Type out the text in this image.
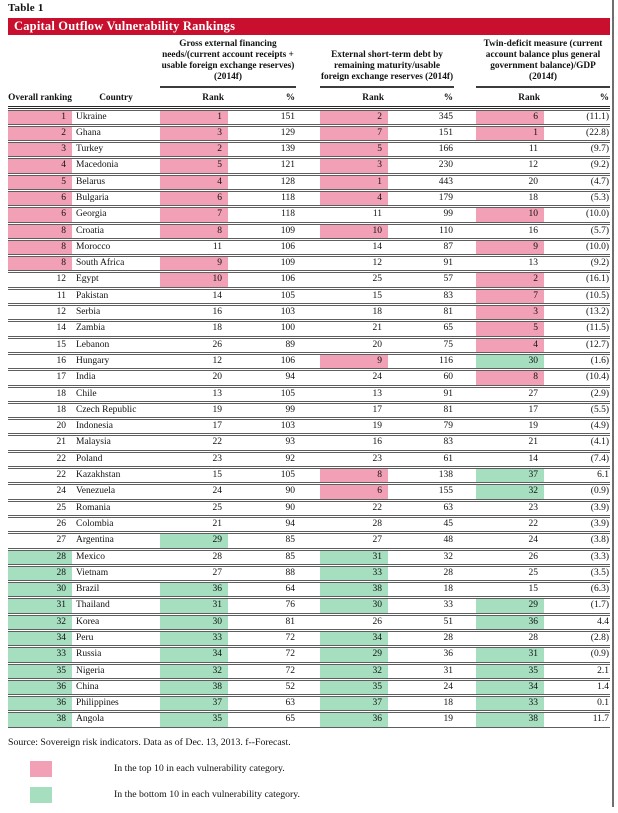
Table 1
Capital Outflow Vulnerability Rankings
Gross external financing needs/(current account receipts + usable foreign exchange reserves) (2014f)
External short-term debt by remaining maturity/usable foreign exchange reserves (2014f)
Twin-deficit measure (current account balance plus general government balance)/GDP (2014f)
Overall ranking	Country	Rank	%	Rank	%	Rank	%
1	Ukraine	1	151	2	345	6	(11.1)
2	Ghana	3	129	7	151	1	(22.8)
3	Turkey	2	139	5	166	11	(9.7)
4	Macedonia	5	121	3	230	12	(9.2)
5	Belarus	4	128	1	443	20	(4.7)
6	Bulgaria	6	118	4	179	18	(5.3)
6	Georgia	7	118	11	99	10	(10.0)
8	Croatia	8	109	10	110	16	(5.7)
8	Morocco	11	106	14	87	9	(10.0)
8	South Africa	9	109	12	91	13	(9.2)
12	Egypt	10	106	25	57	2	(16.1)
11	Pakistan	14	105	15	83	7	(10.5)
12	Serbia	16	103	18	81	3	(13.2)
14	Zambia	18	100	21	65	5	(11.5)
15	Lebanon	26	89	20	75	4	(12.7)
16	Hungary	12	106	9	116	30	(1.6)
17	India	20	94	24	60	8	(10.4)
18	Chile	13	105	13	91	27	(2.9)
18	Czech Republic	19	99	17	81	17	(5.5)
20	Indonesia	17	103	19	79	19	(4.9)
21	Malaysia	22	93	16	83	21	(4.1)
22	Poland	23	92	23	61	14	(7.4)
22	Kazakhstan	15	105	8	138	37	6.1
24	Venezuela	24	90	6	155	32	(0.9)
25	Romania	25	90	22	63	23	(3.9)
26	Colombia	21	94	28	45	22	(3.9)
27	Argentina	29	85	27	48	24	(3.8)
28	Mexico	28	85	31	32	26	(3.3)
28	Vietnam	27	88	33	28	25	(3.5)
30	Brazil	36	64	38	18	15	(6.3)
31	Thailand	31	76	30	33	29	(1.7)
32	Korea	30	81	26	51	36	4.4
34	Peru	33	72	34	28	28	(2.8)
33	Russia	34	72	29	36	31	(0.9)
35	Nigeria	32	72	32	31	35	2.1
36	China	38	52	35	24	34	1.4
36	Philippines	37	63	37	18	33	0.1
38	Angola	35	65	36	19	38	11.7
Source: Sovereign risk indicators. Data as of Dec. 13, 2013. f--Forecast.
In the top 10 in each vulnerability category.
In the bottom 10 in each vulnerability category.
